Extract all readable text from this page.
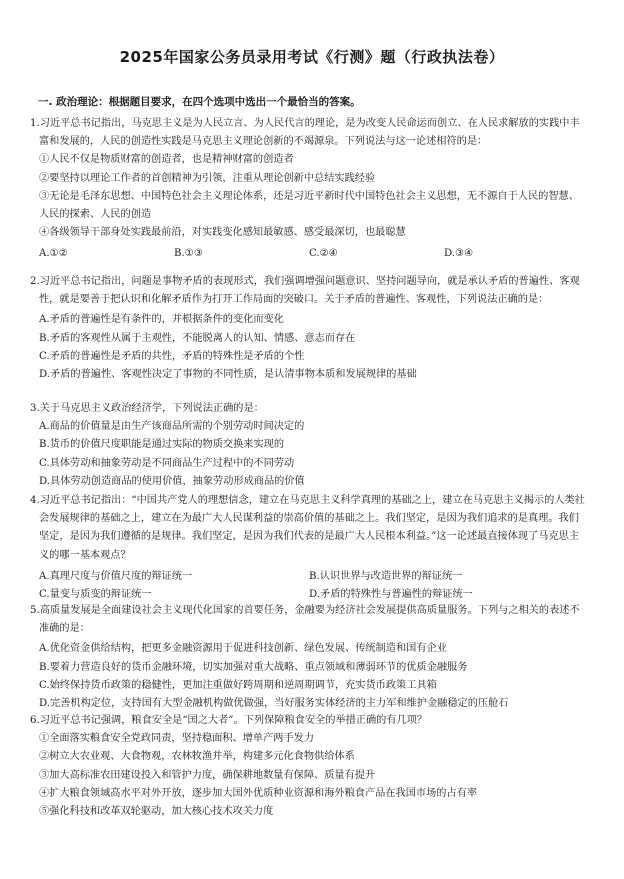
2025年国家公务员录用考试《行测》题（行政执法卷）
一. 政治理论：根据题目要求，在四个选项中选出一个最恰当的答案。
1.习近平总书记指出，马克思主义是为人民立言、为人民代言的理论，是为改变人民命运而创立、在人民求解放的实践中丰富和发展的，人民的创造性实践是马克思主义理论创新的不竭源泉。下列说法与这一论述相符的是：
①人民不仅是物质财富的创造者，也是精神财富的创造者
②要坚持以理论工作者的首创精神为引领，注重从理论创新中总结实践经验
③无论是毛泽东思想、中国特色社会主义理论体系，还是习近平新时代中国特色社会主义思想，无不源自于人民的智慧、人民的探索、人民的创造
④各级领导干部身处实践最前沿，对实践变化感知最敏感、感受最深切，也最聪慧
A.①②	B.①③	C.②④	D.③④
2.习近平总书记指出，问题是事物矛盾的表现形式，我们强调增强问题意识、坚持问题导向，就是承认矛盾的普遍性、客观性，就是要善于把认识和化解矛盾作为打开工作局面的突破口。关于矛盾的普遍性、客观性，下列说法正确的是：
A.矛盾的普遍性是有条件的，并根据条件的变化而变化
B.矛盾的客观性从属于主观性，不能脱离人的认知、情感、意志而存在
C.矛盾的普遍性是矛盾的共性，矛盾的特殊性是矛盾的个性
D.矛盾的普遍性、客观性决定了事物的不同性质，是认清事物本质和发展规律的基础
3.关于马克思主义政治经济学，下列说法正确的是：
A.商品的价值量是由生产该商品所需的个别劳动时间决定的
B.货币的价值尺度职能是通过实际的物质交换来实现的
C.具体劳动和抽象劳动是不同商品生产过程中的不同劳动
D.具体劳动创造商品的使用价值，抽象劳动形成商品的价值
4.习近平总书记指出：“中国共产党人的理想信念，建立在马克思主义科学真理的基础之上，建立在马克思主义揭示的人类社会发展规律的基础之上，建立在为最广大人民谋利益的崇高价值的基础之上。我们坚定，是因为我们追求的是真理。我们坚定，是因为我们遵循的是规律。我们坚定，是因为我们代表的是最广大人民根本利益。”这一论述最直接体现了马克思主义的哪一基本观点？
A.真理尺度与价值尺度的辩证统一	B.认识世界与改造世界的辩证统一
C.量变与质变的辩证统一	D.矛盾的特殊性与普遍性的辩证统一
5.高质量发展是全面建设社会主义现代化国家的首要任务，金融要为经济社会发展提供高质量服务。下列与之相关的表述不准确的是：
A.优化资金供给结构，把更多金融资源用于促进科技创新、绿色发展、传统制造和国有企业
B.要着力营造良好的货币金融环境，切实加强对重大战略、重点领域和薄弱环节的优质金融服务
C.始终保持货币政策的稳健性，更加注重做好跨周期和逆周期调节，充实货币政策工具箱
D.完善机构定位，支持国有大型金融机构做优做强，当好服务实体经济的主力军和维护金融稳定的压舱石
6.习近平总书记强调，粮食安全是“国之大者”。下列保障粮食安全的举措正确的有几项？
①全面落实粮食安全党政同责，坚持稳面积、增单产两手发力
②树立大农业观、大食物观，农林牧渔并举，构建多元化食物供给体系
③加大高标准农田建设投入和管护力度，确保耕地数量有保障、质量有提升
④扩大粮食领域高水平对外开放，逐步加大国外优质种业资源和海外粮食产品在我国市场的占有率
⑤强化科技和改革双轮驱动，加大核心技术攻关力度
